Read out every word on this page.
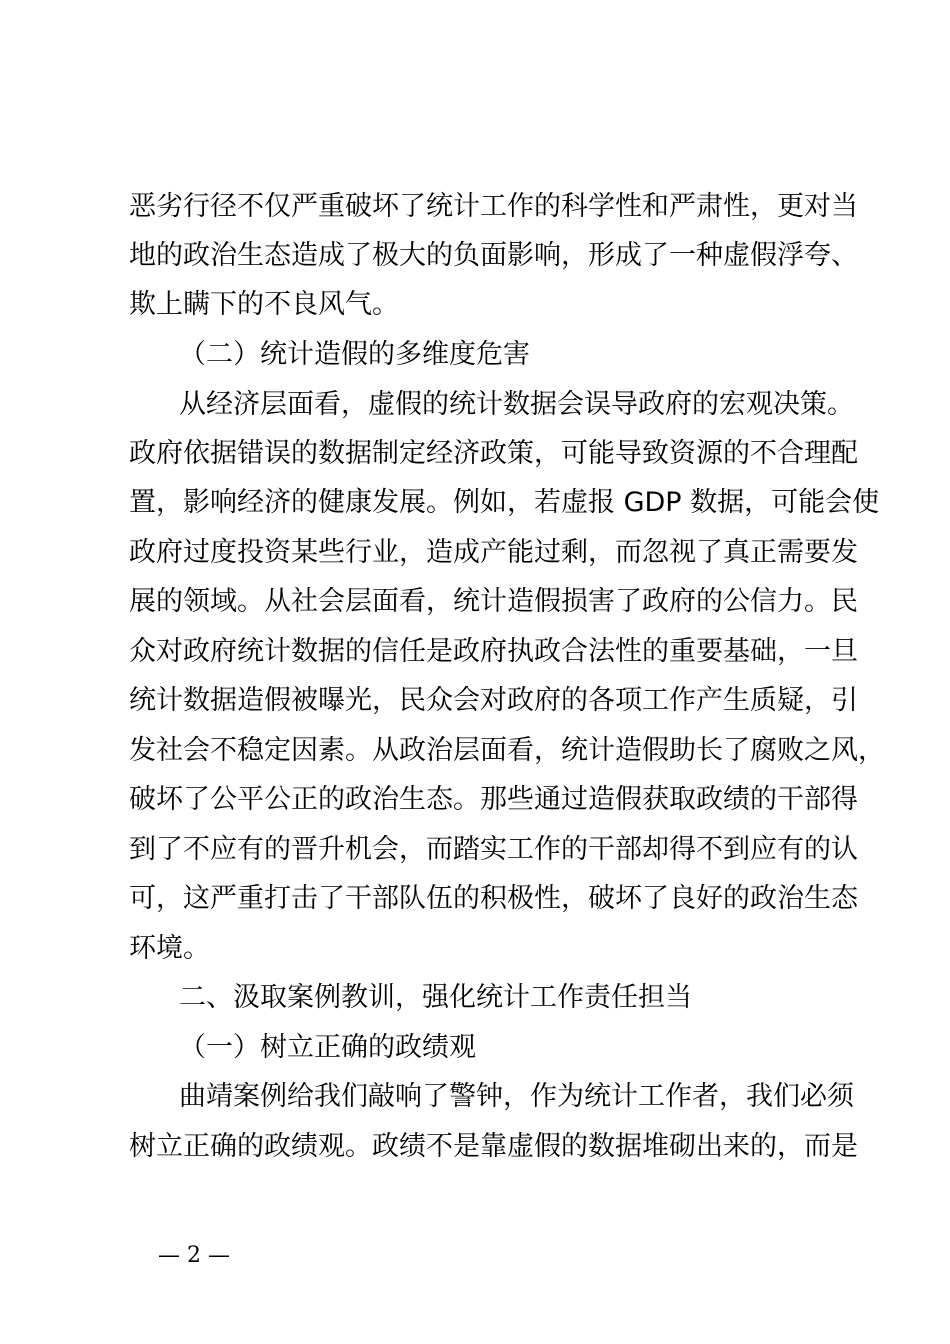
恶劣行径不仅严重破坏了统计工作的科学性和严肃性，更对当
地的政治生态造成了极大的负面影响，形成了一种虚假浮夸、
欺上瞒下的不良风气。
（二）统计造假的多维度危害
从经济层面看，虚假的统计数据会误导政府的宏观决策。
政府依据错误的数据制定经济政策，可能导致资源的不合理配
置，影响经济的健康发展。例如，若虚报 GDP 数据，可能会使
政府过度投资某些行业，造成产能过剩，而忽视了真正需要发
展的领域。从社会层面看，统计造假损害了政府的公信力。民
众对政府统计数据的信任是政府执政合法性的重要基础，一旦
统计数据造假被曝光，民众会对政府的各项工作产生质疑，引
发社会不稳定因素。从政治层面看，统计造假助长了腐败之风，
破坏了公平公正的政治生态。那些通过造假获取政绩的干部得
到了不应有的晋升机会，而踏实工作的干部却得不到应有的认
可，这严重打击了干部队伍的积极性，破坏了良好的政治生态
环境。
二、汲取案例教训，强化统计工作责任担当
（一）树立正确的政绩观
曲靖案例给我们敲响了警钟，作为统计工作者，我们必须
树立正确的政绩观。政绩不是靠虚假的数据堆砌出来的，而是
— 2 —
